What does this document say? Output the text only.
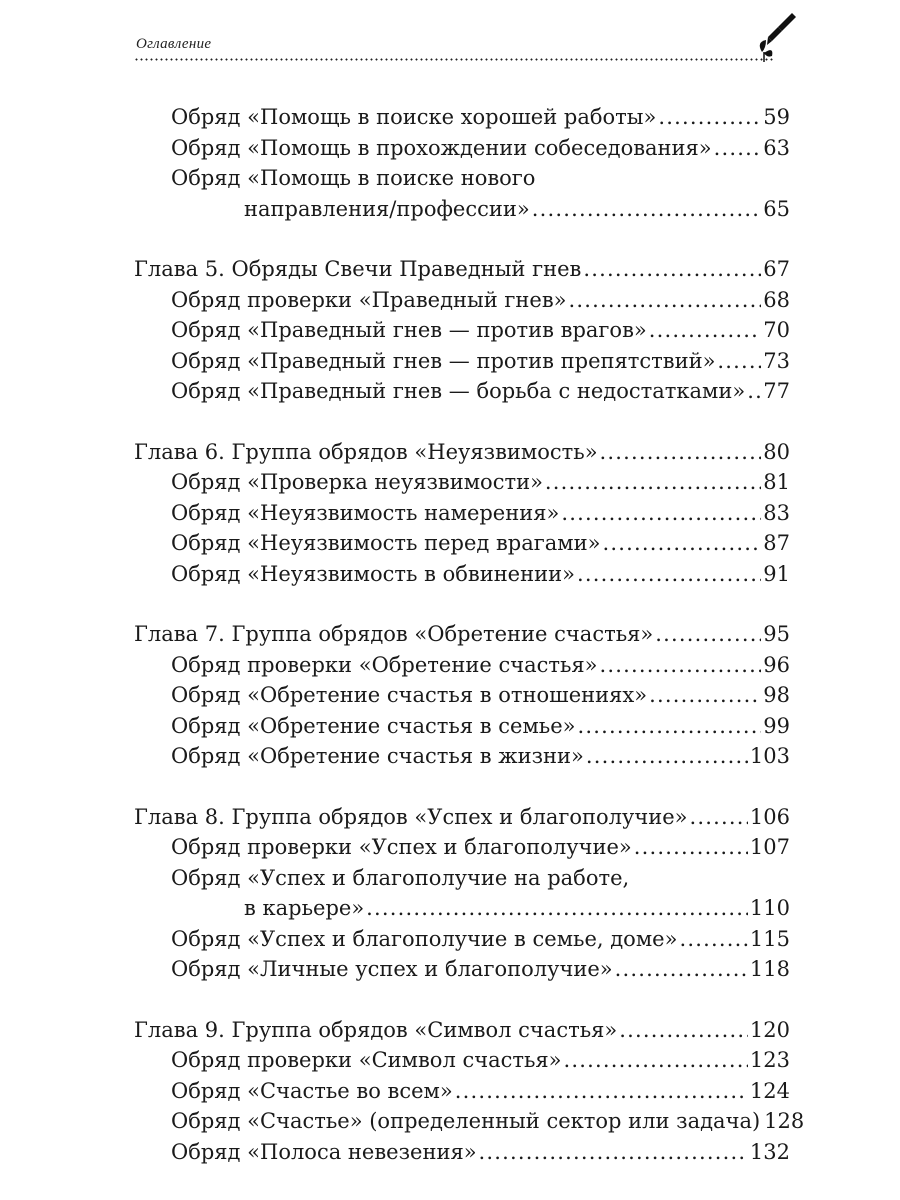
Оглавление
Обряд «Помощь в поиске хорошей работы» .....	59
Обряд «Помощь в прохождении собеседования» ..... 63
Обряд «Помощь в поиске нового
направления/профессии» .....	65
Глава 5. Обряды Свечи Праведный гнев .....	67
Обряд проверки «Праведный гнев» .....	68
Обряд «Праведный гнев — против врагов» .....	70
Обряд «Праведный гнев — против препятствий» ..... 73
Обряд «Праведный гнев — борьба с недостатками» ..... 77
Глава 6. Группа обрядов «Неуязвимость» .....	80
Обряд «Проверка неуязвимости» .....	81
Обряд «Неуязвимость намерения» .....	83
Обряд «Неуязвимость перед врагами» .....	87
Обряд «Неуязвимость в обвинении» .....	91
Глава 7. Группа обрядов «Обретение счастья» .....	95
Обряд проверки «Обретение счастья» .....	96
Обряд «Обретение счастья в отношениях» .....	98
Обряд «Обретение счастья в семье» .....	99
Обряд «Обретение счастья в жизни» .....	103
Глава 8. Группа обрядов «Успех и благополучие» .....	106
Обряд проверки «Успех и благополучие» .....	107
Обряд «Успех и благополучие на работе,
в карьере» .....	110
Обряд «Успех и благополучие в семье, доме» .....	115
Обряд «Личные успех и благополучие» .....	118
Глава 9. Группа обрядов «Символ счастья» .....	120
Обряд проверки «Символ счастья» .....	123
Обряд «Счастье во всем» .....	124
Обряд «Счастье» (определенный сектор или задача) 128
Обряд «Полоса невезения» .....	132
